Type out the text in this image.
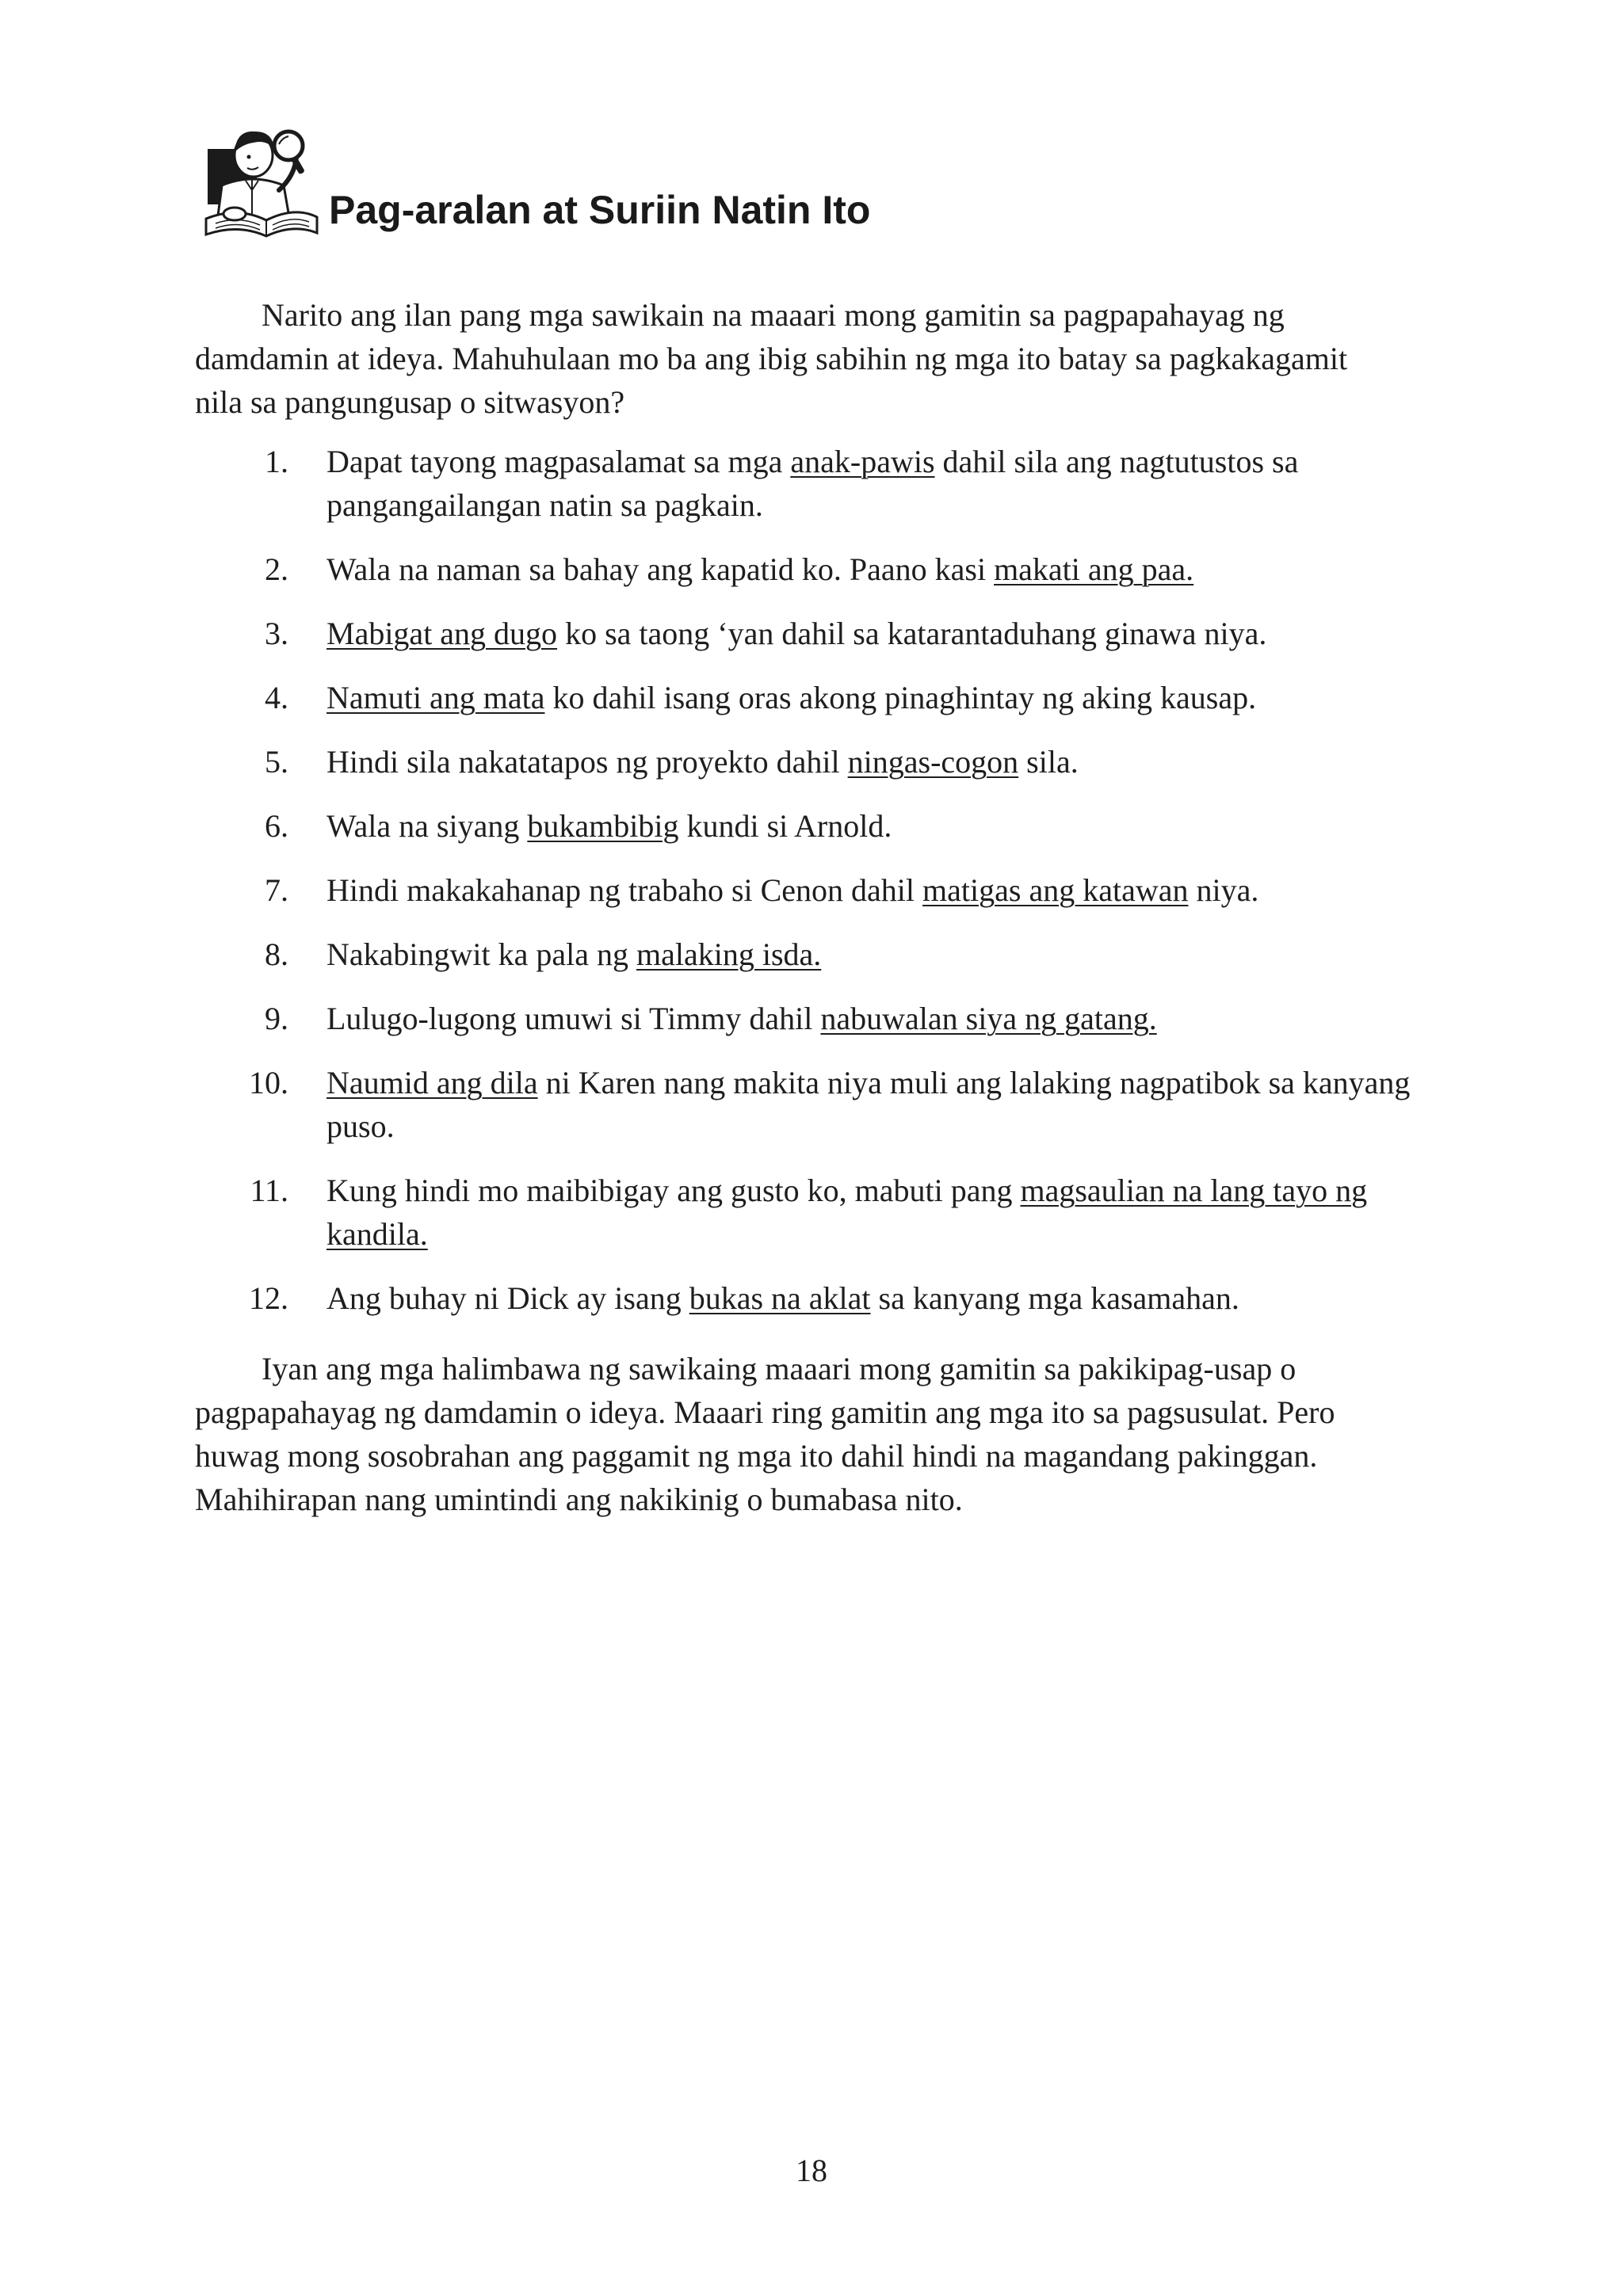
Pag-aralan at Suriin Natin Ito

Narito ang ilan pang mga sawikain na maaari mong gamitin sa pagpapahayag ng damdamin at ideya. Mahuhulaan mo ba ang ibig sabihin ng mga ito batay sa pagkakagamit nila sa pangungusap o sitwasyon?

1. Dapat tayong magpasalamat sa mga anak-pawis dahil sila ang nagtutustos sa pangangailangan natin sa pagkain.
2. Wala na naman sa bahay ang kapatid ko. Paano kasi makati ang paa.
3. Mabigat ang dugo ko sa taong ‘yan dahil sa katarantaduhang ginawa niya.
4. Namuti ang mata ko dahil isang oras akong pinaghintay ng aking kausap.
5. Hindi sila nakatatapos ng proyekto dahil ningas-cogon sila.
6. Wala na siyang bukambibig kundi si Arnold.
7. Hindi makakahanap ng trabaho si Cenon dahil matigas ang katawan niya.
8. Nakabingwit ka pala ng malaking isda.
9. Lulugo-lugong umuwi si Timmy dahil nabuwalan siya ng gatang.
10. Naumid ang dila ni Karen nang makita niya muli ang lalaking nagpatibok sa kanyang puso.
11. Kung hindi mo maibibigay ang gusto ko, mabuti pang magsaulian na lang tayo ng kandila.
12. Ang buhay ni Dick ay isang bukas na aklat sa kanyang mga kasamahan.

Iyan ang mga halimbawa ng sawikaing maaari mong gamitin sa pakikipag-usap o pagpapahayag ng damdamin o ideya. Maaari ring gamitin ang mga ito sa pagsusulat. Pero huwag mong sosobrahan ang paggamit ng mga ito dahil hindi na magandang pakinggan. Mahihirapan nang umintindi ang nakikinig o bumabasa nito.

18
